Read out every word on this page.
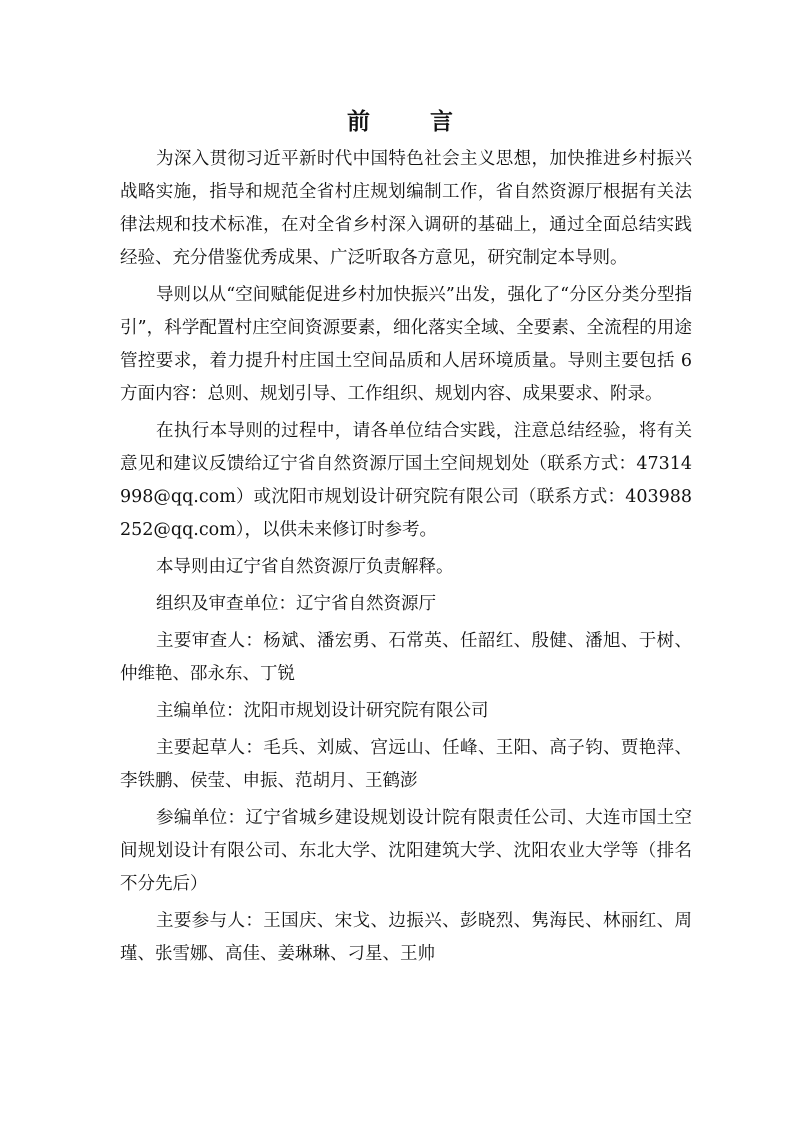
前 言

为深入贯彻习近平新时代中国特色社会主义思想，加快推进乡村振兴战略实施，指导和规范全省村庄规划编制工作，省自然资源厅根据有关法律法规和技术标准，在对全省乡村深入调研的基础上，通过全面总结实践经验、充分借鉴优秀成果、广泛听取各方意见，研究制定本导则。

导则以从“空间赋能促进乡村加快振兴”出发，强化了“分区分类分型指引”，科学配置村庄空间资源要素，细化落实全域、全要素、全流程的用途管控要求，着力提升村庄国土空间品质和人居环境质量。导则主要包括 6 方面内容：总则、规划引导、工作组织、规划内容、成果要求、附录。

在执行本导则的过程中，请各单位结合实践，注意总结经验，将有关意见和建议反馈给辽宁省自然资源厅国土空间规划处（联系方式：47314998@qq.com）或沈阳市规划设计研究院有限公司（联系方式：403988252@qq.com），以供未来修订时参考。

本导则由辽宁省自然资源厅负责解释。

组织及审查单位：辽宁省自然资源厅

主要审查人：杨斌、潘宏勇、石常英、任韶红、殷健、潘旭、于树、仲维艳、邵永东、丁锐

主编单位：沈阳市规划设计研究院有限公司

主要起草人：毛兵、刘威、宫远山、任峰、王阳、高子钧、贾艳萍、李铁鹏、侯莹、申振、范胡月、王鹤澎

参编单位：辽宁省城乡建设规划设计院有限责任公司、大连市国土空间规划设计有限公司、东北大学、沈阳建筑大学、沈阳农业大学等（排名不分先后）

主要参与人：王国庆、宋戈、边振兴、彭晓烈、隽海民、林丽红、周瑾、张雪娜、高佳、姜琳琳、刁星、王帅
